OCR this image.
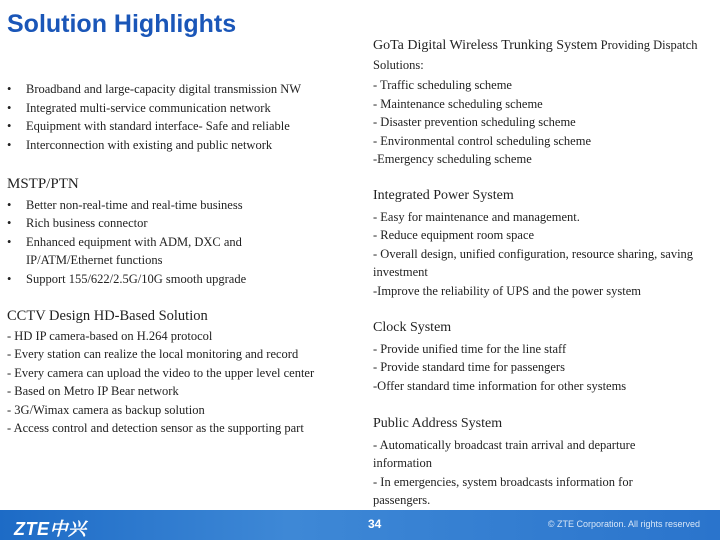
Solution Highlights
• Broadband and large-capacity digital transmission NW
• Integrated multi-service communication network
• Equipment with standard interface- Safe and reliable
• Interconnection with existing and public network
MSTP/PTN
• Better non-real-time and real-time business
• Rich business connector
• Enhanced equipment with ADM, DXC and IP/ATM/Ethernet functions
• Support 155/622/2.5G/10G smooth upgrade
CCTV Design HD-Based Solution
- HD IP camera-based on H.264 protocol
- Every station can realize the local monitoring and record
- Every camera can upload the video to the upper level center
- Based on Metro IP Bear network
- 3G/Wimax camera as backup solution
- Access control and detection sensor as the supporting part
GoTa Digital Wireless Trunking System Providing Dispatch Solutions:
- Traffic scheduling scheme
- Maintenance scheduling scheme
- Disaster prevention scheduling scheme
- Environmental control scheduling scheme
-Emergency scheduling scheme
Integrated Power System
- Easy for maintenance and management.
- Reduce equipment room space
- Overall design, unified configuration, resource sharing, saving investment
-Improve the reliability of UPS and the power system
Clock System
- Provide unified time for the line staff
- Provide standard time for passengers
-Offer standard time information for other systems
Public Address System
- Automatically broadcast train arrival and departure information
- In emergencies, system broadcasts information for passengers.
ZTE中兴	34	© ZTE Corporation. All rights reserved
